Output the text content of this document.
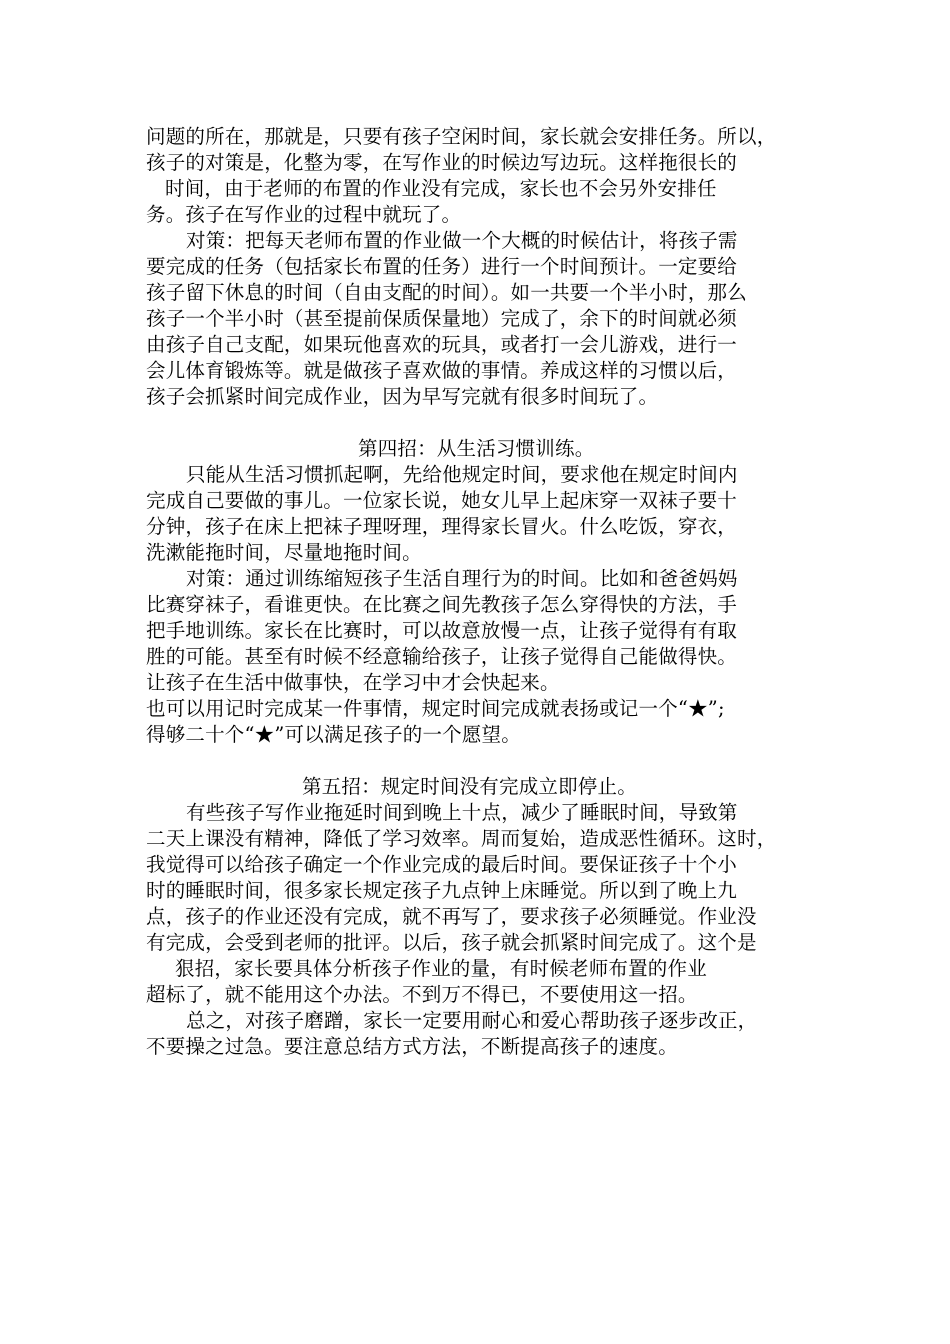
问题的所在，那就是，只要有孩子空闲时间，家长就会安排任务。所以，
孩子的对策是，化整为零，在写作业的时候边写边玩。这样拖很长的
时间，由于老师的布置的作业没有完成，家长也不会另外安排任
务。孩子在写作业的过程中就玩了。
对策：把每天老师布置的作业做一个大概的时候估计，将孩子需
要完成的任务（包括家长布置的任务）进行一个时间预计。一定要给
孩子留下休息的时间（自由支配的时间）。如一共要一个半小时，那么
孩子一个半小时（甚至提前保质保量地）完成了，余下的时间就必须
由孩子自己支配，如果玩他喜欢的玩具，或者打一会儿游戏，进行一
会儿体育锻炼等。就是做孩子喜欢做的事情。养成这样的习惯以后，
孩子会抓紧时间完成作业，因为早写完就有很多时间玩了。
第四招：从生活习惯训练。
只能从生活习惯抓起啊，先给他规定时间，要求他在规定时间内
完成自己要做的事儿。一位家长说，她女儿早上起床穿一双袜子要十
分钟，孩子在床上把袜子理呀理，理得家长冒火。什么吃饭，穿衣，
洗漱能拖时间，尽量地拖时间。
对策：通过训练缩短孩子生活自理行为的时间。比如和爸爸妈妈
比赛穿袜子，看谁更快。在比赛之间先教孩子怎么穿得快的方法，手
把手地训练。家长在比赛时，可以故意放慢一点，让孩子觉得有有取
胜的可能。甚至有时候不经意输给孩子，让孩子觉得自己能做得快。
让孩子在生活中做事快，在学习中才会快起来。
也可以用记时完成某一件事情，规定时间完成就表扬或记一个“★”;
得够二十个“★”可以满足孩子的一个愿望。
第五招：规定时间没有完成立即停止。
有些孩子写作业拖延时间到晚上十点，减少了睡眠时间，导致第
二天上课没有精神，降低了学习效率。周而复始，造成恶性循环。这时，
我觉得可以给孩子确定一个作业完成的最后时间。要保证孩子十个小
时的睡眠时间，很多家长规定孩子九点钟上床睡觉。所以到了晚上九
点，孩子的作业还没有完成，就不再写了，要求孩子必须睡觉。作业没
有完成，会受到老师的批评。以后，孩子就会抓紧时间完成了。这个是
狠招，家长要具体分析孩子作业的量，有时候老师布置的作业
超标了，就不能用这个办法。不到万不得已，不要使用这一招。
总之，对孩子磨蹭，家长一定要用耐心和爱心帮助孩子逐步改正，
不要操之过急。要注意总结方式方法，不断提高孩子的速度。
